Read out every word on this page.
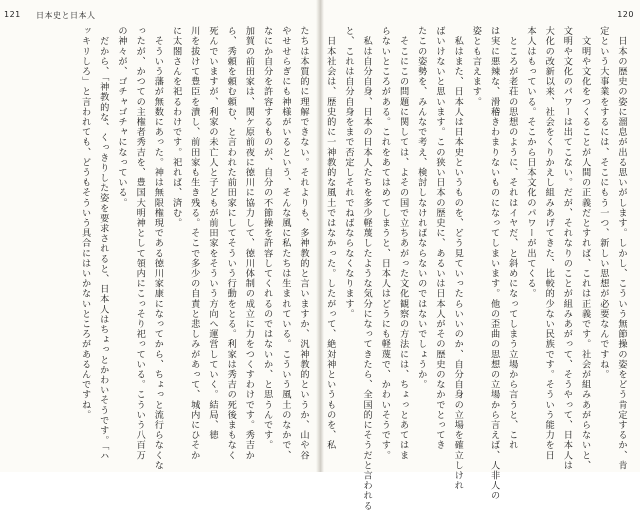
121 日本史と日本人
たちは本質的に理解できない。それよりも、多神教的と言いますか、汎神教的というか、山や谷
やせせらぎにも神様がいるという、そんな風に私たちは生まれている。こういう風土のなかで、
なにか自分を許容するものが、自分の不節操を許容してくれるのではないか、と思うんです。
加賀の前田家は、関ケ原前夜に徳川に協力して、徳川体制の成立に力をつくすわけです。秀吉か
ら、秀頼を頼む頼む、と言われた前田家にしてそういう行動をとる。利家は秀吉の死後まもなく
死んでいますが、利家の未亡人と子どもが前田家をそういう方向へ運営していく。結局、徳
川を拔けて豊臣を潰し、前田家も生き残る。そこで多少の自責と悲しみがあって、城内にひそか
に太閤さんを祀るわけです。祀れば、済む。
　そういう藩が無数にあった。神は無限権現である徳川家康になってから、ちょっと流行らなくな
ったが、かつての主権者秀吉を、豊国大明神として領内にこっそり祀っている。こういう八百万
の神々が、ゴチャゴチャになっている。
　だから、「神教的な、くっきりした姿を要求されると、日本人はちょっとかわいそうです。「ハ
ッキリしろ」と言われても、どうもそういう具合にはいかないところがあるんですね。
120
　日本の歴史の姿に溜息が出る思いがします。しかし、こういう無節操の姿をどう肯定するか、肯
定という大事業をするには、そこにもう一つ、新しい思想が必要なんですね。
　文明や文化をつくることが人間の正義だとすれば、これは正義です。社会が組みあがらないと、
文明や文化のパワーは出てこない。だが、それなりのことが組みあがって、そうやって、日本人は
大化の改新以来、社会をくりかえし組みあげてきた、比較的少ない民族です。そういう能力を日
本人はもっている。そこから日本文化のパワーが出てくる。
　ところが老荘の思想のように、それはイヤだ、と斜めになってしまう立場から言うと、これ
は実に悪辣な、滑稽きわまりないものになってしまいます。他の歪曲の思想の立場から言えば、人非人の
姿とも言えます。
　私はまた、日本人は日本史というものを、どう見ていったらいいのか、自分自身の立場を確立しけれ
ばいけないと思います。この狭い日本の歴史に、あるいは日本人がその歴史のなかでとってき
たこの姿勢を、みんなで考え、検討しなければならないのではないでしょうか。
　そこにこの問題に関しては、よその国で立ちあがった文化観察の方法には、ちょっとあてはま
らないところがある。これをあてはめてしまうと、日本人はどうにも軽蔑で、かわいそうです。
　私は自分自身、日本の日本人たちを多少軽蔑したような気分になってきたら、全国的にそうだと言われる
と、これは自分自身をまで否定しそれでねばならなくなります。
　日本社会は、歴史的に一神教的な風土ではなかった。したがって、絶対神というものを、私
